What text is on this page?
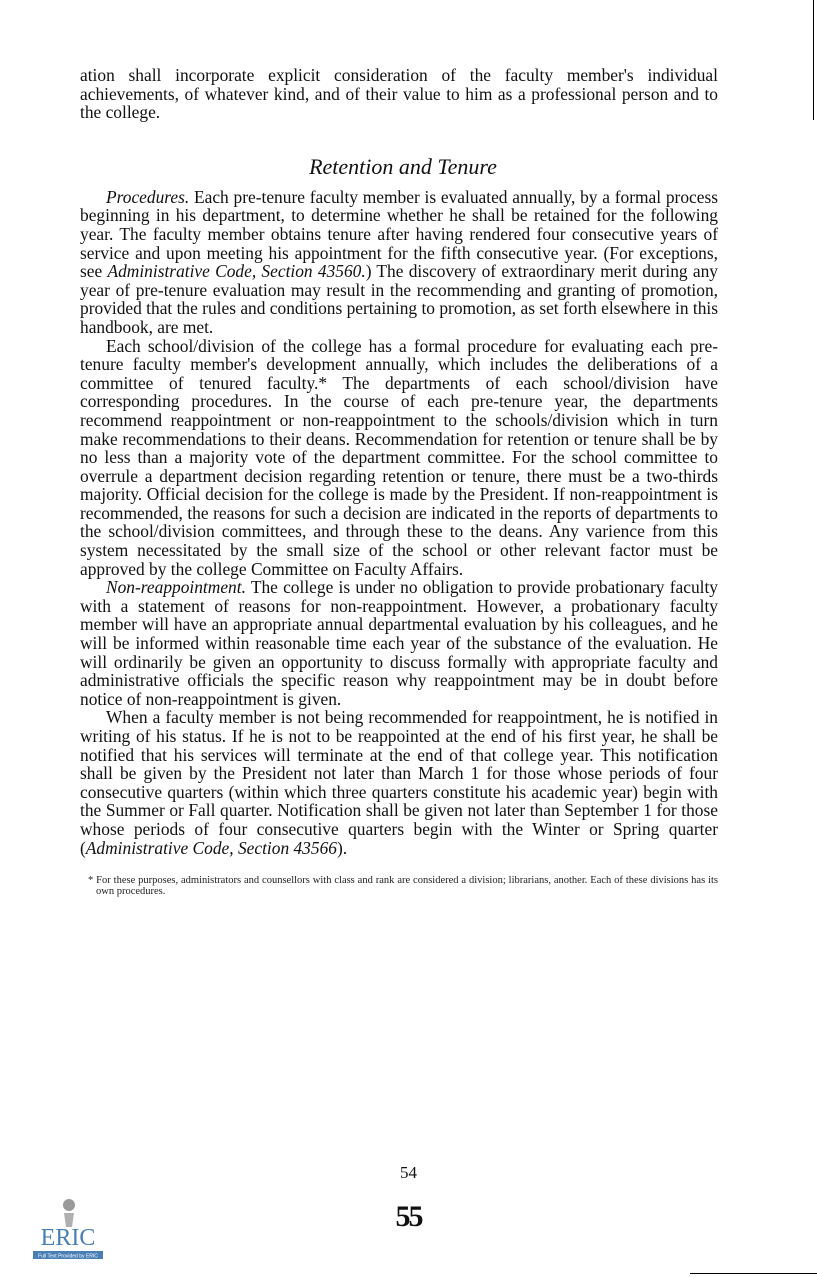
ation shall incorporate explicit consideration of the faculty member's individual achievements, of whatever kind, and of their value to him as a professional person and to the college.

Retention and Tenure

Procedures. Each pre-tenure faculty member is evaluated annually, by a formal process beginning in his department, to determine whether he shall be retained for the following year. The faculty member obtains tenure after having rendered four consecutive years of service and upon meeting his appointment for the fifth consecutive year. (For exceptions, see Administrative Code, Section 43560.) The discovery of extraordinary merit during any year of pre-tenure evaluation may result in the recommending and granting of promotion, provided that the rules and conditions pertaining to promotion, as set forth elsewhere in this handbook, are met.

Each school/division of the college has a formal procedure for evaluating each pre-tenure faculty member's development annually, which includes the deliberations of a committee of tenured faculty.* The departments of each school/division have corresponding procedures. In the course of each pre-tenure year, the departments recommend reappointment or non-reappointment to the schools/division which in turn make recommendations to their deans. Recommendation for retention or tenure shall be by no less than a majority vote of the department committee. For the school committee to overrule a department decision regarding retention or tenure, there must be a two-thirds majority. Official decision for the college is made by the President. If non-reappointment is recommended, the reasons for such a decision are indicated in the reports of departments to the school/division committees, and through these to the deans. Any varience from this system necessitated by the small size of the school or other relevant factor must be approved by the college Committee on Faculty Affairs.

Non-reappointment. The college is under no obligation to provide probationary faculty with a statement of reasons for non-reappointment. However, a probationary faculty member will have an appropriate annual departmental evaluation by his colleagues, and he will be informed within reasonable time each year of the substance of the evaluation. He will ordinarily be given an opportunity to discuss formally with appropriate faculty and administrative officials the specific reason why reappointment may be in doubt before notice of non-reappointment is given.

When a faculty member is not being recommended for reappointment, he is notified in writing of his status. If he is not to be reappointed at the end of his first year, he shall be notified that his services will terminate at the end of that college year. This notification shall be given by the President not later than March 1 for those whose periods of four consecutive quarters (within which three quarters constitute his academic year) begin with the Summer or Fall quarter. Notification shall be given not later than September 1 for those whose periods of four consecutive quarters begin with the Winter or Spring quarter (Administrative Code, Section 43566).

* For these purposes, administrators and counsellors with class and rank are considered a division; librarians, another. Each of these divisions has its own procedures.

54
55
ERIC
Full Text Provided by ERIC
